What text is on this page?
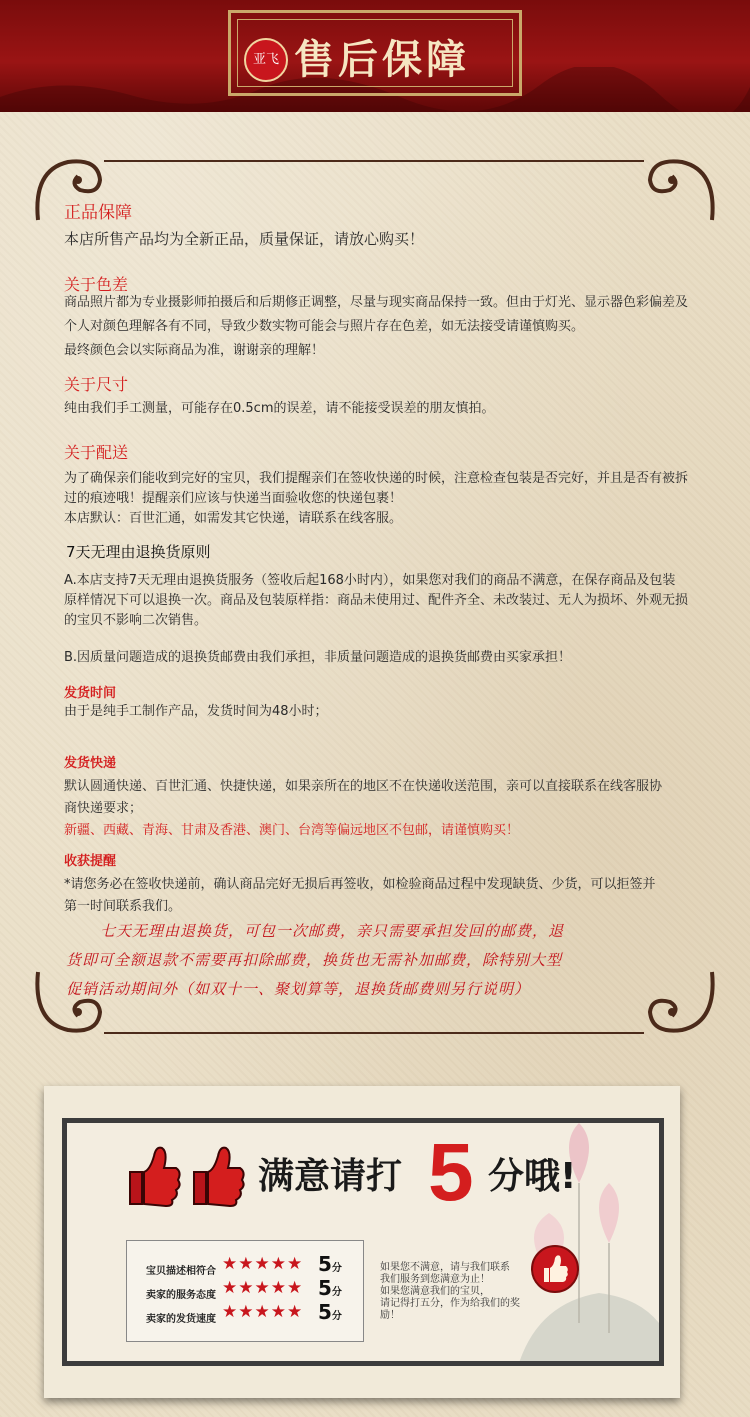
亚飞 售后保障
正品保障
本店所售产品均为全新正品，质量保证，请放心购买！
关于色差
商品照片都为专业摄影师拍摄后和后期修正调整，尽量与现实商品保持一致。但由于灯光、显示器色彩偏差及
个人对颜色理解各有不同，导致少数实物可能会与照片存在色差，如无法接受请谨慎购买。
最终颜色会以实际商品为准，谢谢亲的理解！
关于尺寸
纯由我们手工测量，可能存在0.5cm的误差，请不能接受误差的朋友慎拍。
关于配送
为了确保亲们能收到完好的宝贝，我们提醒亲们在签收快递的时候，注意检查包装是否完好，并且是否有被拆
过的痕迹哦！提醒亲们应该与快递当面验收您的快递包裹！
本店默认：百世汇通，如需发其它快递，请联系在线客服。
7天无理由退换货原则
A.本店支持7天无理由退换货服务（签收后起168小时内），如果您对我们的商品不满意，在保存商品及包装
原样情况下可以退换一次。商品及包装原样指：商品未使用过、配件齐全、未改装过、无人为损坏、外观无损
的宝贝不影响二次销售。
B.因质量问题造成的退换货邮费由我们承担，非质量问题造成的退换货邮费由买家承担！
发货时间
由于是纯手工制作产品，发货时间为48小时；
发货快递
默认圆通快递、百世汇通、快捷快递，如果亲所在的地区不在快递收送范围，亲可以直接联系在线客服协
商快递要求；
新疆、西藏、青海、甘肃及香港、澳门、台湾等偏远地区不包邮，请谨慎购买！
收获提醒
*请您务必在签收快递前，确认商品完好无损后再签收，如检验商品过程中发现缺货、少货，可以拒签并
第一时间联系我们。
七天无理由退换货，可包一次邮费，亲只需要承担发回的邮费，退
货即可全额退款不需要再扣除邮费，换货也无需补加邮费，除特别大型
促销活动期间外（如双十一、聚划算等，退换货邮费则另行说明）
满意请打 5 分哦!
宝贝描述相符合 ★★★★★ 5分
卖家的服务态度 ★★★★★ 5分
卖家的发货速度 ★★★★★ 5分
如果您不满意，请与我们联系
我们服务到您满意为止！
如果您满意我们的宝贝，
请记得打五分，作为给我们的奖励！
